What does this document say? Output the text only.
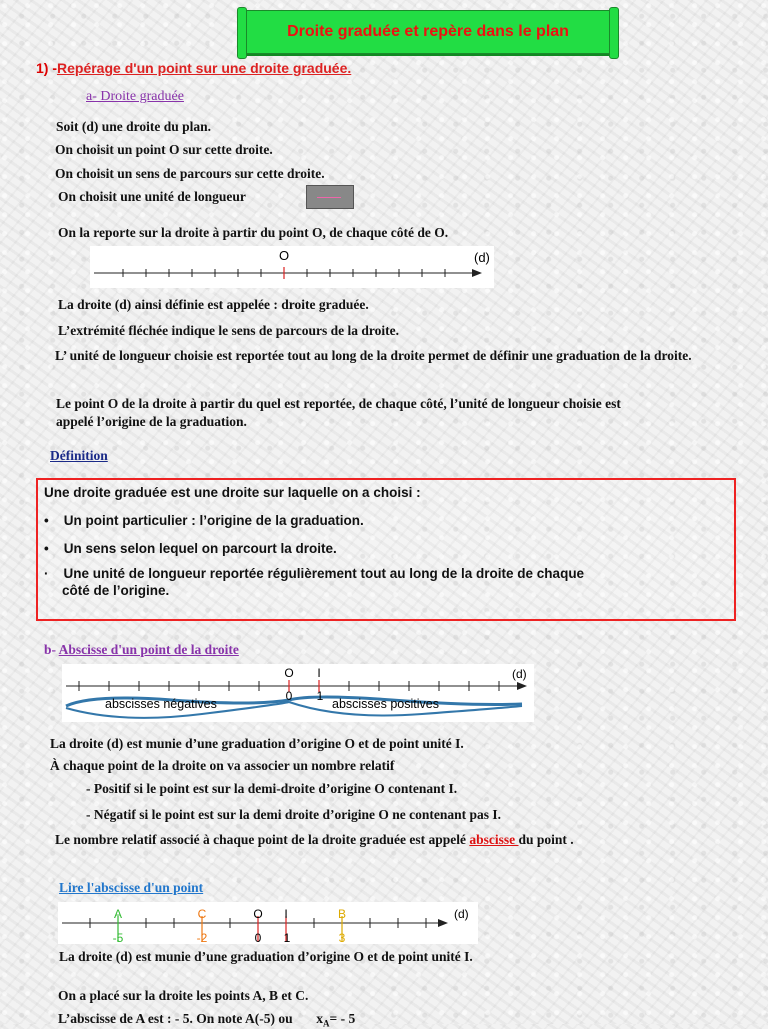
Droite graduée et repère dans le plan
1) -Repérage d'un point sur une droite graduée.
a- Droite graduée
Soit (d) une droite du plan.
On choisit un point O sur cette droite.
On choisit un sens de parcours sur cette droite.
On choisit une unité de longueur
On la reporte sur la droite à partir du point O, de chaque côté de O.
O	(d)
La droite (d) ainsi définie est appelée : droite graduée.
L’extrémité fléchée indique le sens de parcours de la droite.
L’ unité de longueur choisie est reportée tout au long de la droite permet de définir une graduation de la droite.
Le point O de la droite à partir du quel est reportée, de chaque côté, l’unité de longueur choisie est
appelé l’origine de la graduation.
Définition
Une droite graduée est une droite sur laquelle on a choisi :
•    Un point particulier : l’origine de la graduation.
•    Un sens selon lequel on parcourt la droite.
·    Une unité de longueur reportée régulièrement tout au long de la droite de chaque
côté de l’origine.
b- Abscisse d'un point de la droite
O I
0 1
(d)
abscisses négatives	abscisses positives
La droite (d) est munie d’une graduation d’origine O et de point unité I.
À chaque point de la droite on va associer un nombre relatif
- Positif si le point est sur la demi-droite d’origine O contenant I.
- Négatif si le point est sur la demi droite d’origine O ne contenant pas I.
Le nombre relatif associé à chaque point de la droite graduée est appelé abscisse du point .
Lire l'abscisse d'un point
A	C	O I	B	(d)
-5	-2	0 1	3
La droite (d) est munie d’une graduation d’origine O et de point unité I.
On a placé sur la droite les points A, B et C.
L’abscisse de A est : - 5. On note A(-5) ou $x_A= - 5$
